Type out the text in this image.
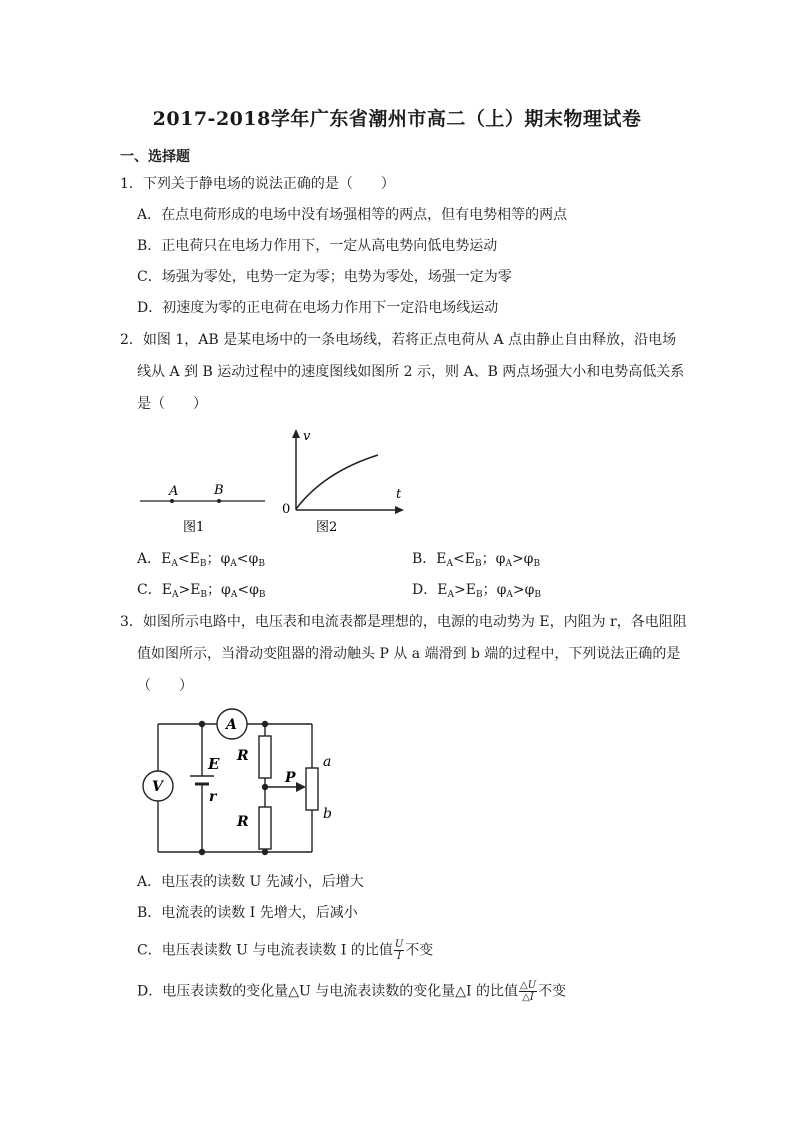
2017-2018学年广东省潮州市高二（上）期末物理试卷
一、选择题
1．下列关于静电场的说法正确的是（　　）
A．在点电荷形成的电场中没有场强相等的两点，但有电势相等的两点
B．正电荷只在电场力作用下，一定从高电势向低电势运动
C．场强为零处，电势一定为零；电势为零处，场强一定为零
D．初速度为零的正电荷在电场力作用下一定沿电场线运动
2．如图 1，AB 是某电场中的一条电场线，若将正点电荷从 A 点由静止自由释放，沿电场
线从 A 到 B 运动过程中的速度图线如图所 2 示，则 A、B 两点场强大小和电势高低关系
是（　　）
A	B
图1
v
t
0
图2
A．$E_A<E_B$；$\varphi_A<\varphi_B$	B．$E_A<E_B$；$\varphi_A>\varphi_B$
C．$E_A>E_B$；$\varphi_A<\varphi_B$	D．$E_A>E_B$；$\varphi_A>\varphi_B$
3．如图所示电路中，电压表和电流表都是理想的，电源的电动势为 E，内阻为 r，各电阻阻
值如图所示，当滑动变阻器的滑动触头 P 从 a 端滑到 b 端的过程中，下列说法正确的是
（　　）
A
V
E
r
R
R
P
a
b
A．电压表的读数 U 先减小，后增大
B．电流表的读数 I 先增大，后减小
C．电压表读数 U 与电流表读数 I 的比值 $\frac{U}{I}$ 不变
D．电压表读数的变化量△U 与电流表读数的变化量△I 的比值 $\frac{\triangle U}{\triangle I}$ 不变
